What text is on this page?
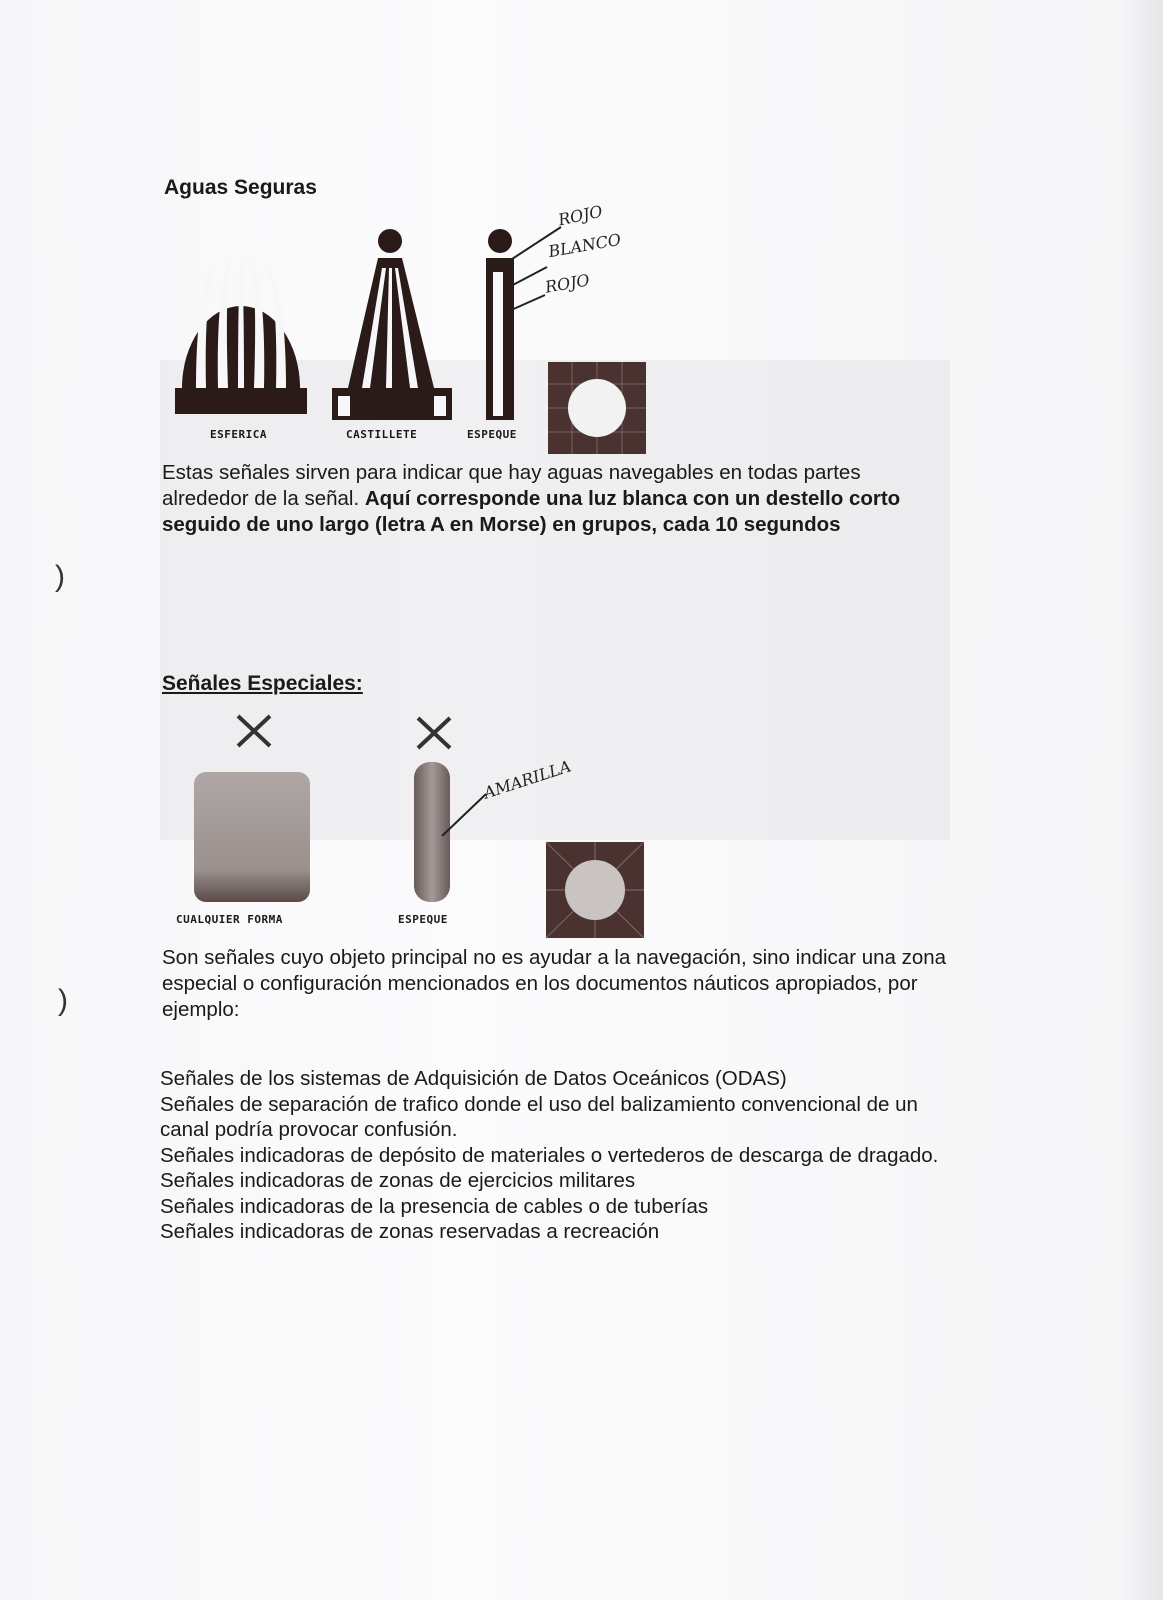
)
)
Aguas Seguras
ROJO
BLANCO
ROJO
ESFERICA	CASTILLETE	ESPEQUE

Estas señales sirven para indicar que hay aguas navegables en todas partes alrededor de la señal. Aquí corresponde una luz blanca con un destello corto seguido de uno largo (letra A en Morse) en grupos, cada 10 segundos

Señales Especiales:
AMARILLA
CUALQUIER FORMA	ESPEQUE

Son señales cuyo objeto principal no es ayudar a la navegación, sino indicar una zona especial o configuración mencionados en los documentos náuticos apropiados, por ejemplo:

Señales de los sistemas de Adquisición de Datos Oceánicos (ODAS)
Señales de separación de trafico donde el uso del balizamiento convencional de un canal podría provocar confusión.
Señales indicadoras de depósito de materiales o vertederos de descarga de dragado.
Señales indicadoras de zonas de ejercicios militares
Señales indicadoras de la presencia de cables o de tuberías
Señales indicadoras de zonas reservadas a recreación
